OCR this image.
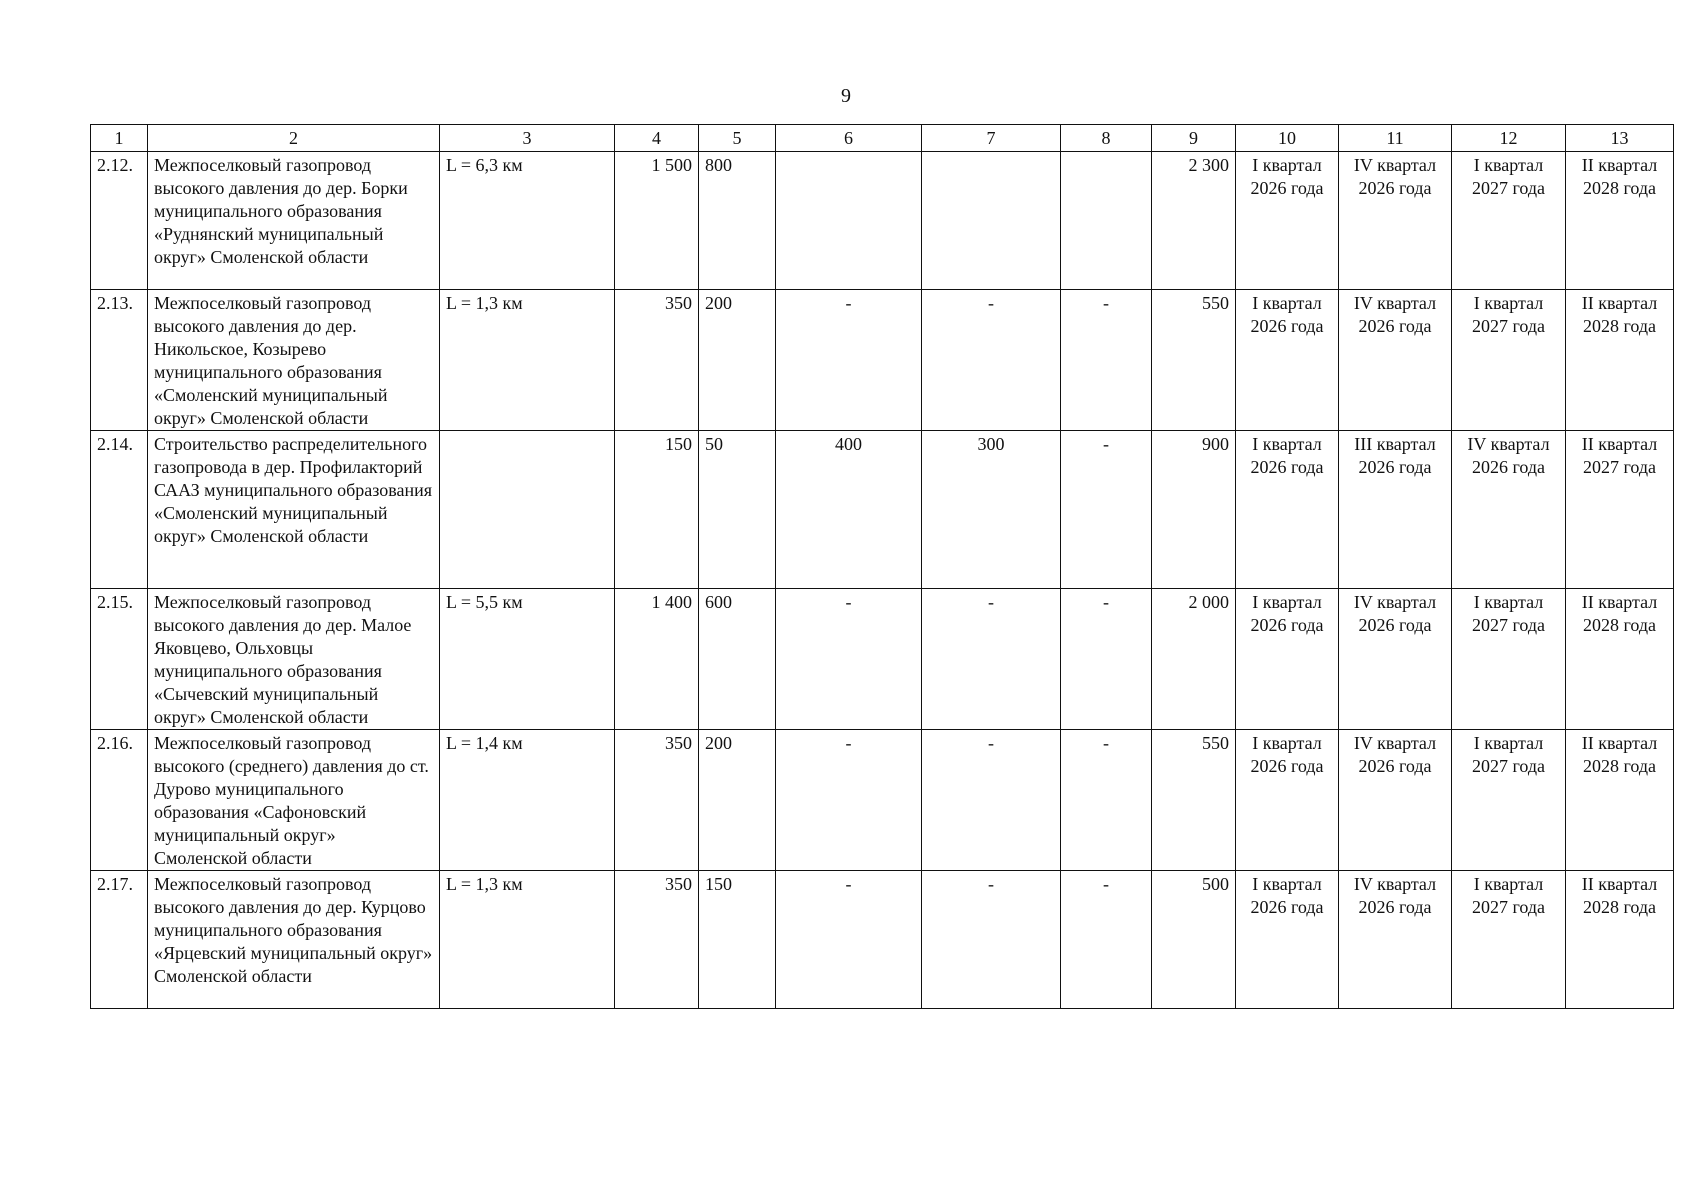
9
1	2	3	4	5	6	7	8	9	10	11	12	13
2.12.	Межпоселковый газопровод высокого давления до дер. Борки муниципального образования «Руднянский муниципальный округ» Смоленской области	L = 6,3 км	1 500	800				2 300	I квартал 2026 года	IV квартал 2026 года	I квартал 2027 года	II квартал 2028 года
2.13.	Межпоселковый газопровод высокого давления до дер. Никольское, Козырево муниципального образования «Смоленский муниципальный округ» Смоленской области	L = 1,3 км	350	200	-	-	-	550	I квартал 2026 года	IV квартал 2026 года	I квартал 2027 года	II квартал 2028 года
2.14.	Строительство распределительного газопровода в дер. Профилакторий СААЗ муниципального образования «Смоленский муниципальный округ» Смоленской области		150	50	400	300	-	900	I квартал 2026 года	III квартал 2026 года	IV квартал 2026 года	II квартал 2027 года
2.15.	Межпоселковый газопровод высокого давления до дер. Малое Яковцево, Ольховцы муниципального образования «Сычевский муниципальный округ» Смоленской области	L = 5,5 км	1 400	600	-	-	-	2 000	I квартал 2026 года	IV квартал 2026 года	I квартал 2027 года	II квартал 2028 года
2.16.	Межпоселковый газопровод высокого (среднего) давления до ст. Дурово муниципального образования «Сафоновский муниципальный округ» Смоленской области	L = 1,4 км	350	200	-	-	-	550	I квартал 2026 года	IV квартал 2026 года	I квартал 2027 года	II квартал 2028 года
2.17.	Межпоселковый газопровод высокого давления до дер. Курцово муниципального образования «Ярцевский муниципальный округ» Смоленской области	L = 1,3 км	350	150	-	-	-	500	I квартал 2026 года	IV квартал 2026 года	I квартал 2027 года	II квартал 2028 года
